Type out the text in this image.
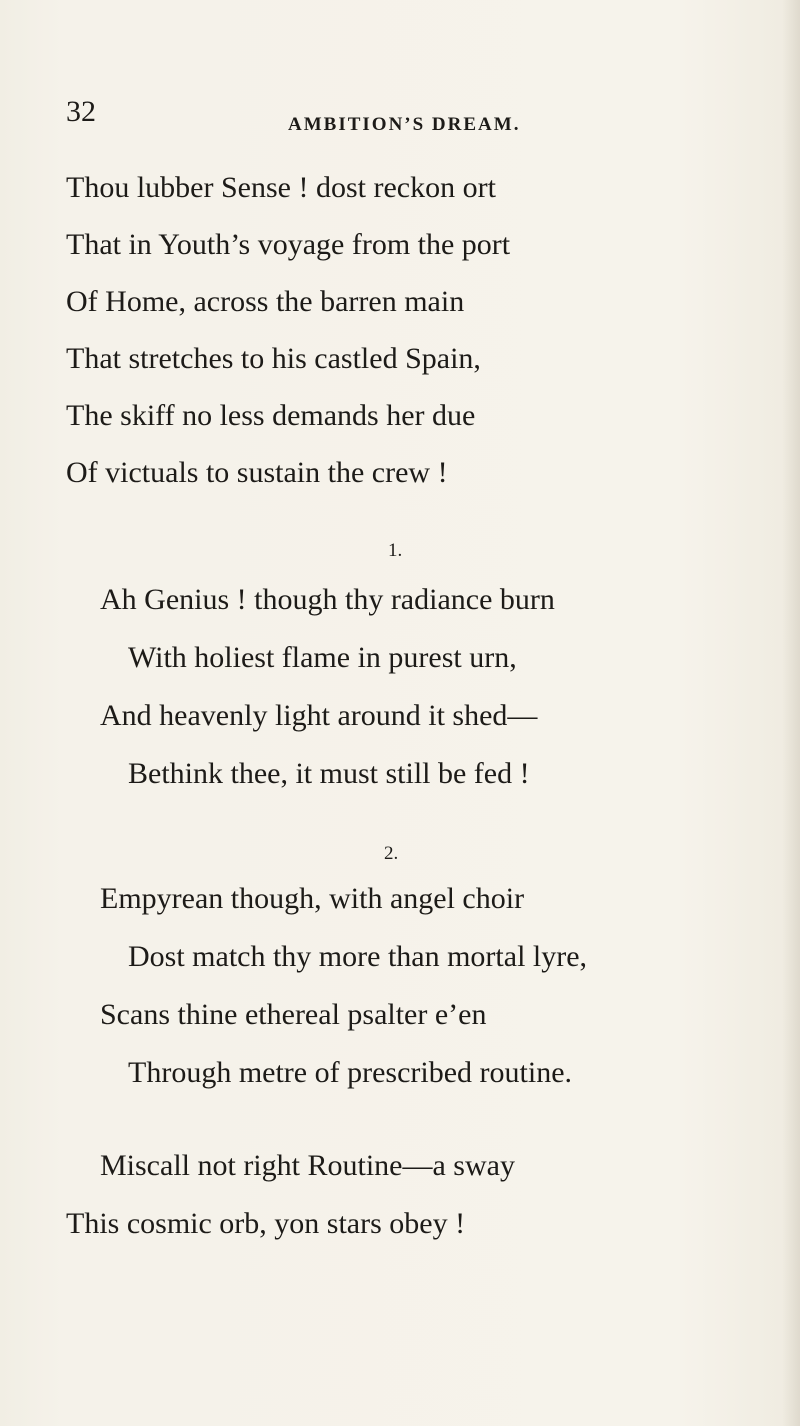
32	AMBITION’S DREAM.
Thou lubber Sense ! dost reckon ort
That in Youth’s voyage from the port
Of Home, across the barren main
That stretches to his castled Spain,
The skiff no less demands her due
Of victuals to sustain the crew !
1.
Ah Genius ! though thy radiance burn
With holiest flame in purest urn,
And heavenly light around it shed—
Bethink thee, it must still be fed !
2.
Empyrean though, with angel choir
Dost match thy more than mortal lyre,
Scans thine ethereal psalter e’en
Through metre of prescribed routine.
Miscall not right Routine—a sway
This cosmic orb, yon stars obey !
